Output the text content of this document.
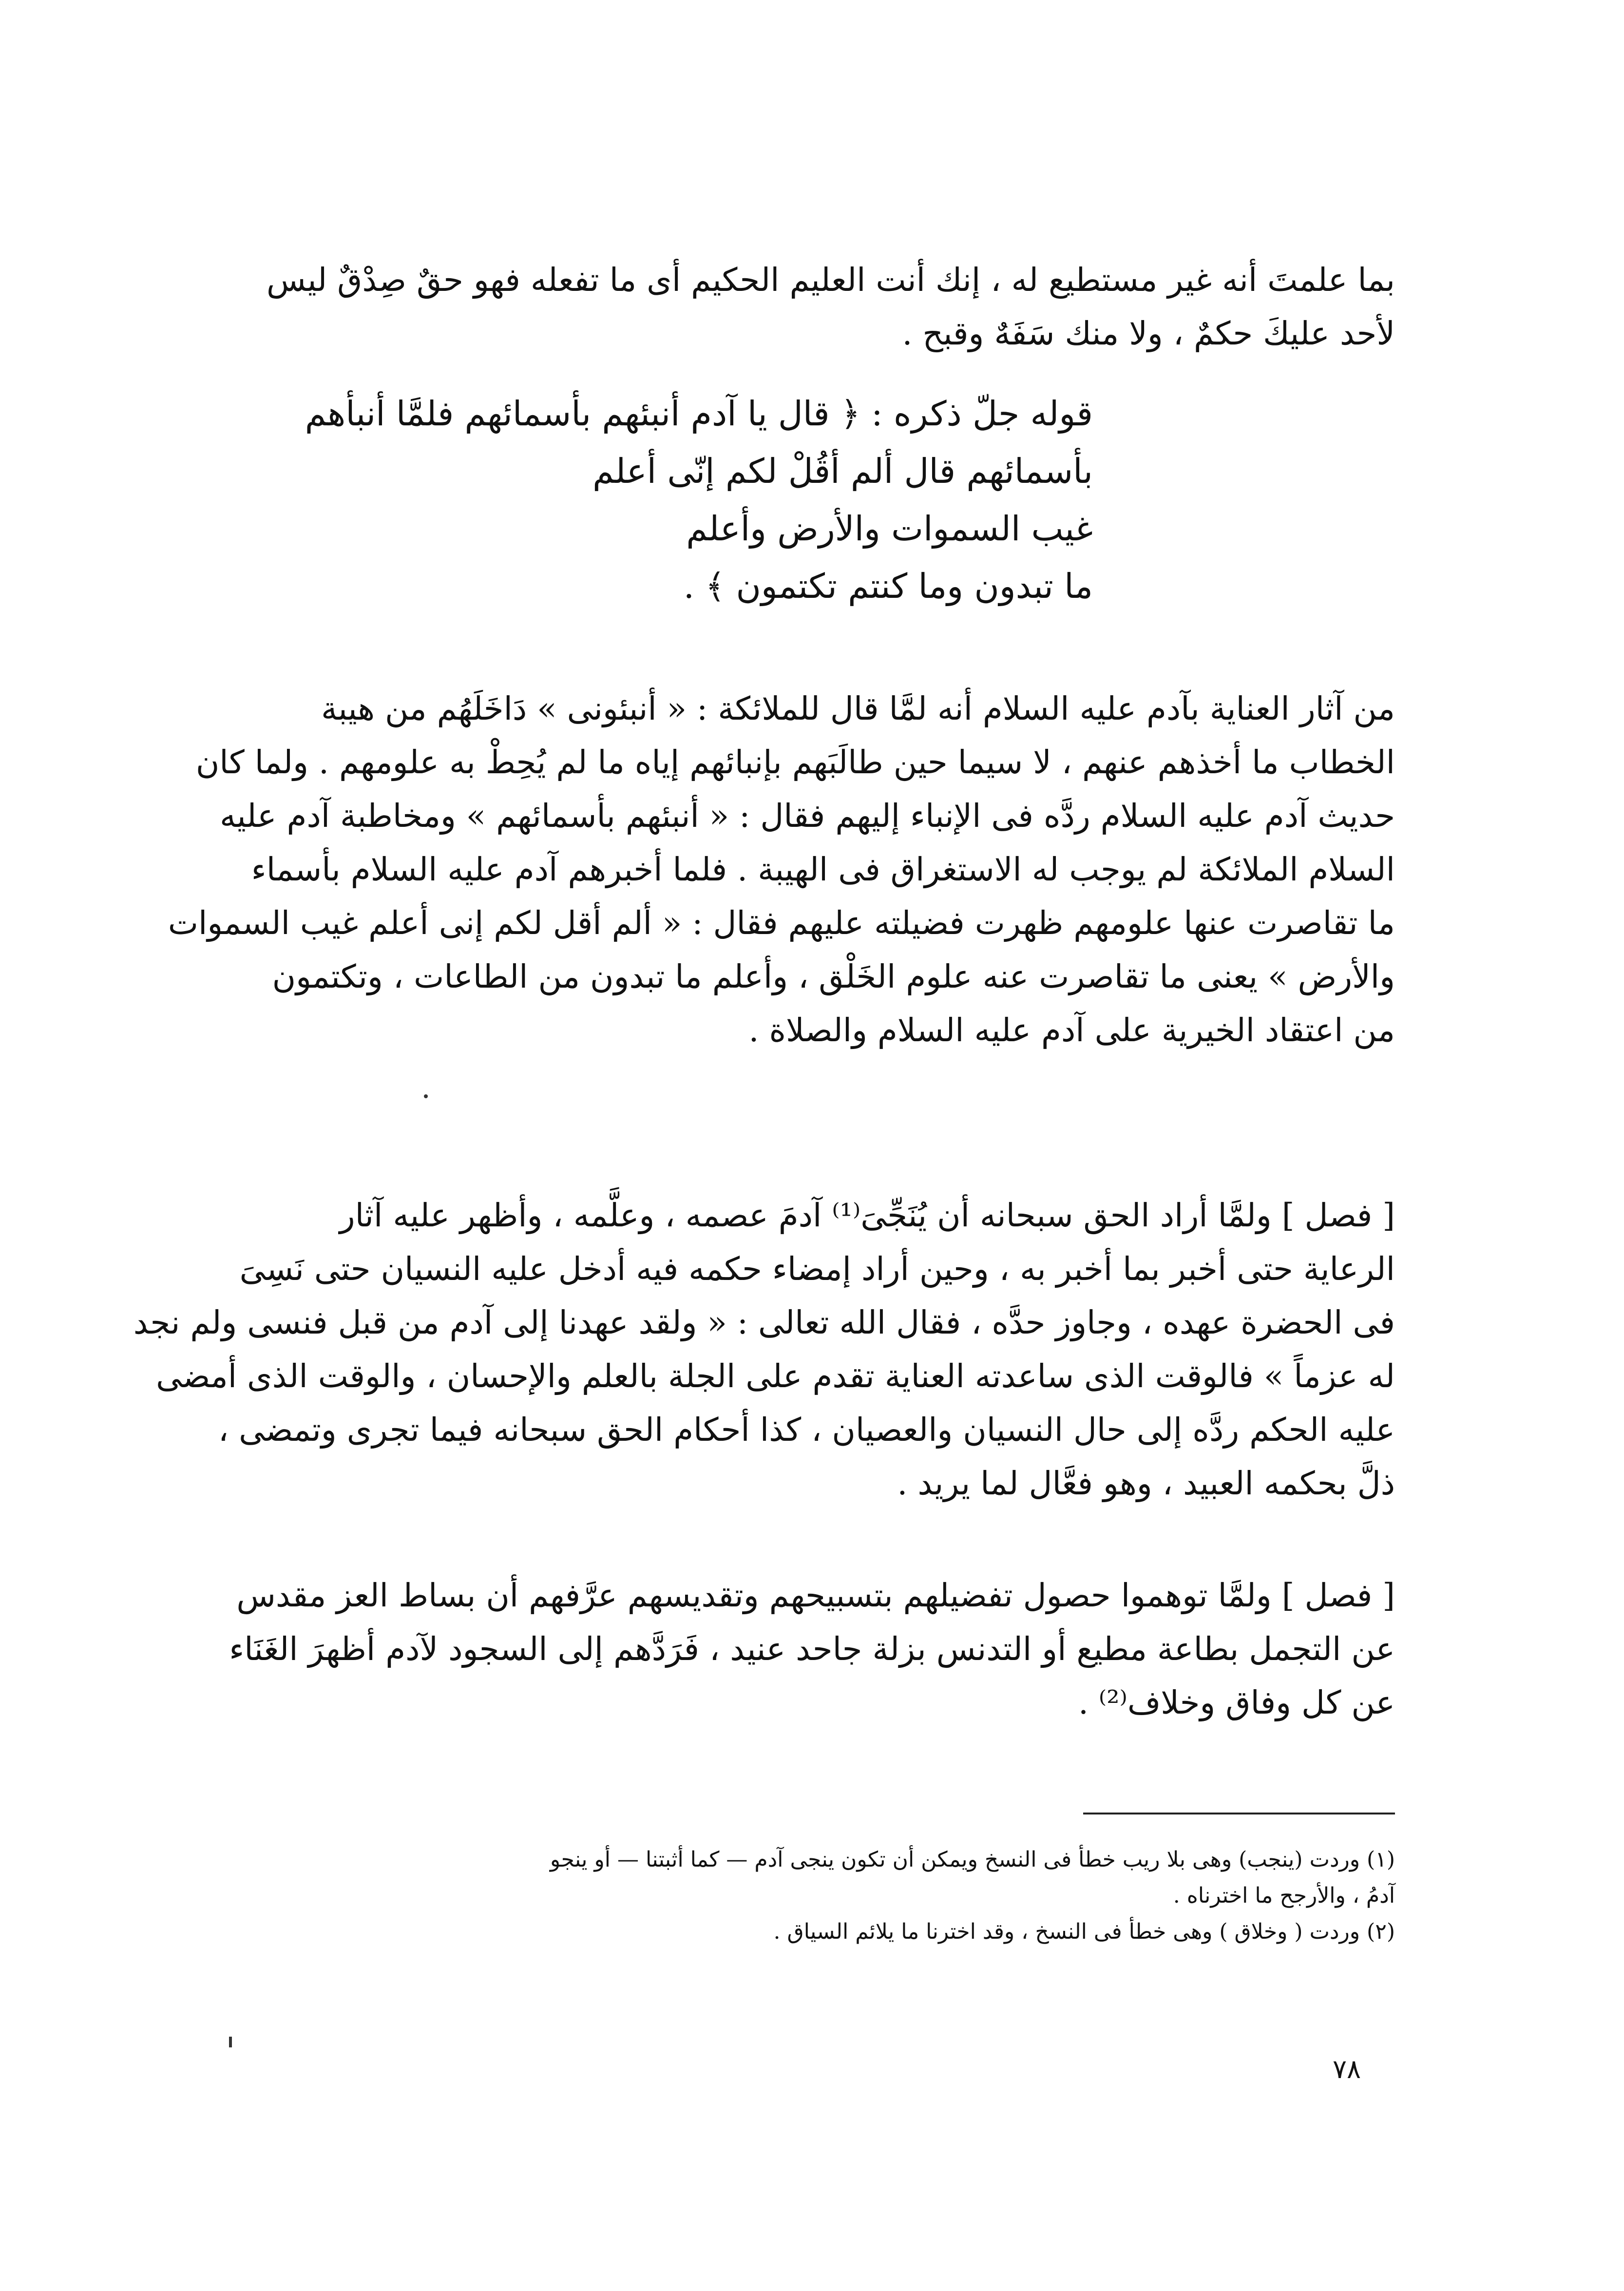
بما علمتَ أنه غير مستطيع له ، إنك أنت العليم الحكيم أى ما تفعله فهو حقٌ صِدْقٌ ليس

لأحد عليكَ حكمٌ ، ولا منك سَفَهٌ وقبح .

قوله جلّ ذكره : ﴿ قال يا آدم أنبئهم بأسمائهم فلمَّا أنبأهم

بأسمائهم قال ألم أقُلْ لكم إنّى أعلم

غيب السموات والأرض وأعلم

ما تبدون وما كنتم تكتمون ﴾ .

من آثار العناية بآدم عليه السلام أنه لمَّا قال للملائكة : « أنبئونى » دَاخَلَهُم من هيبة

الخطاب ما أخذهم عنهم ، لا سيما حين طالَبَهم بإنبائهم إياه ما لم يُحِطْ به علومهم . ولما كان

حديث آدم عليه السلام ردَّه فى الإنباء إليهم فقال : « أنبئهم بأسمائهم » ومخاطبة آدم عليه

السلام الملائكة لم يوجب له الاستغراق فى الهيبة . فلما أخبرهم آدم عليه السلام بأسماء

ما تقاصرت عنها علومهم ظهرت فضيلته عليهم فقال : « ألم أقل لكم إنى أعلم غيب السموات

والأرض » يعنى ما تقاصرت عنه علوم الخَلْق ، وأعلم ما تبدون من الطاعات ، وتكتمون

من اعتقاد الخيرية على آدم عليه السلام والصلاة .

[ فصل ] ولمَّا أراد الحق سبحانه أن يُنَجِّىَ⁽¹⁾ آدمَ عصمه ، وعلَّمه ، وأظهر عليه آثار

الرعاية حتى أخبر بما أخبر به ، وحين أراد إمضاء حكمه فيه أدخل عليه النسيان حتى نَسِىَ

فى الحضرة عهده ، وجاوز حدَّه ، فقال الله تعالى : « ولقد عهدنا إلى آدم من قبل فنسى ولم نجد

له عزماً » فالوقت الذى ساعدته العناية تقدم على الجلة بالعلم والإحسان ، والوقت الذى أمضى

عليه الحكم ردَّه إلى حال النسيان والعصيان ، كذا أحكام الحق سبحانه فيما تجرى وتمضى ،

ذلَّ بحكمه العبيد ، وهو فعَّال لما يريد .

[ فصل ] ولمَّا توهموا حصول تفضيلهم بتسبيحهم وتقديسهم عرَّفهم أن بساط العز مقدس

عن التجمل بطاعة مطيع أو التدنس بزلة جاحد عنيد ، فَرَدَّهم إلى السجود لآدم أظهرَ الغَنَاء

عن كل وفاق وخلاف⁽²⁾ .

(١) وردت (ينجب) وهى بلا ريب خطأ فى النسخ ويمكن أن تكون ينجى آدم — كما أثبتنا — أو ينجو

آدمُ ، والأرجح ما اخترناه .

(٢) وردت ( وخلاق ) وهى خطأ فى النسخ ، وقد اخترنا ما يلائم السياق .

٧٨
